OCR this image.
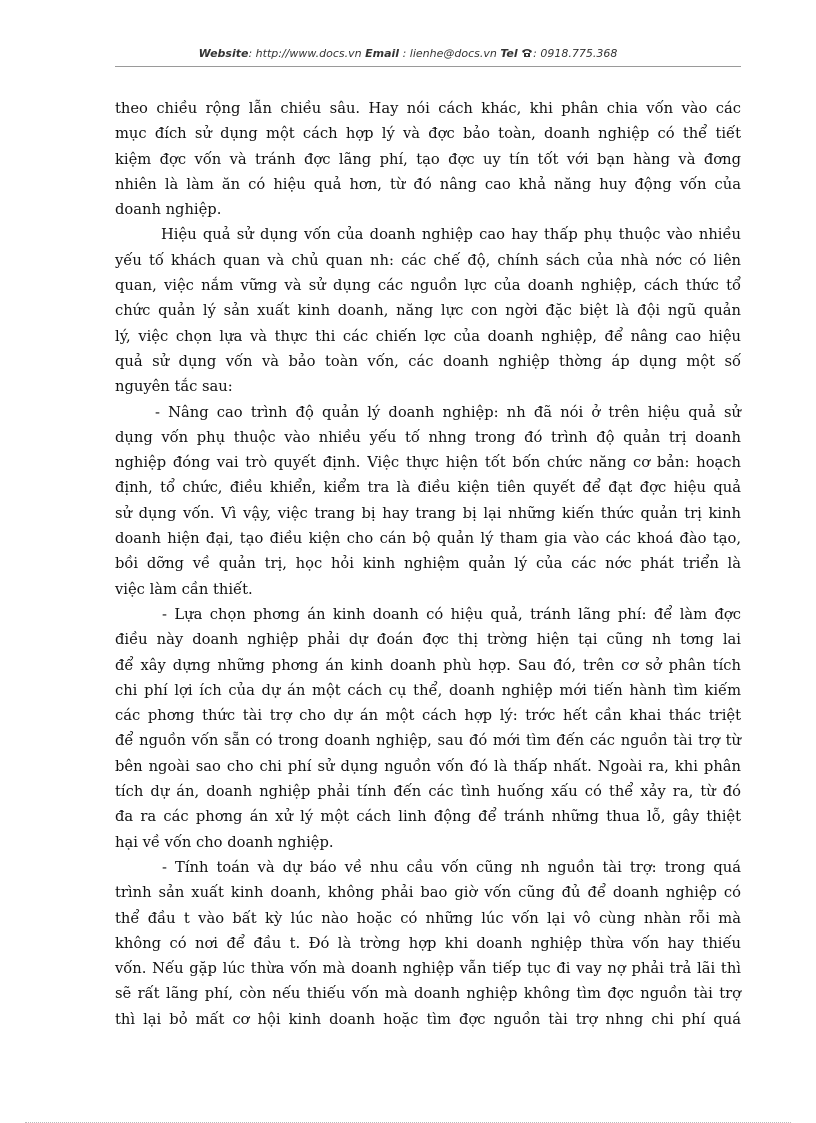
Website: http://www.docs.vn Email : lienhe@docs.vn Tel : 0918.775.368
theo chiều rộng lẫn chiều sâu. Hay nói cách khác, khi phân chia vốn vào các
mục đích sử dụng một cách hợp lý và đợc bảo toàn, doanh nghiệp có thể tiết
kiệm đợc vốn và tránh đợc lãng phí, tạo đợc uy tín tốt với bạn hàng và đơng
nhiên là làm ăn có hiệu quả hơn, từ đó nâng cao khả năng huy động vốn của
doanh nghiệp.
Hiệu quả sử dụng vốn của doanh nghiệp cao hay thấp phụ thuộc vào nhiều
yếu tố khách quan và chủ quan nh: các chế độ, chính sách của nhà nớc có liên
quan, việc nắm vững và sử dụng các nguồn lực của doanh nghiệp, cách thức tổ
chức quản lý sản xuất kinh doanh, năng lực con ngời đặc biệt là đội ngũ quản
lý, việc chọn lựa và thực thi các chiến lợc của doanh nghiệp, để nâng cao hiệu
quả sử dụng vốn và bảo toàn vốn, các doanh nghiệp thờng áp dụng một số
nguyên tắc sau:
- Nâng cao trình độ quản lý doanh nghiệp: nh đã nói ở trên hiệu quả sử
dụng vốn phụ thuộc vào nhiều yếu tố nhng trong đó trình độ quản trị doanh
nghiệp đóng vai trò quyết định. Việc thực hiện tốt bốn chức năng cơ bản: hoạch
định, tổ chức, điều khiển, kiểm tra là điều kiện tiên quyết để đạt đợc hiệu quả
sử dụng vốn. Vì vậy, việc trang bị hay trang bị lại những kiến thức quản trị kinh
doanh hiện đại, tạo điều kiện cho cán bộ quản lý tham gia vào các khoá đào tạo,
bồi dỡng về quản trị, học hỏi kinh nghiệm quản lý của các nớc phát triển là
việc làm cần thiết.
- Lựa chọn phơng án kinh doanh có hiệu quả, tránh lãng phí: để làm đợc
điều này doanh nghiệp phải dự đoán đợc thị trờng hiện tại cũng nh tơng lai
để xây dựng những phơng án kinh doanh phù hợp. Sau đó, trên cơ sở phân tích
chi phí lợi ích của dự án một cách cụ thể, doanh nghiệp mới tiến hành tìm kiếm
các phơng thức tài trợ cho dự án một cách hợp lý: trớc hết cần khai thác triệt
để nguồn vốn sẵn có trong doanh nghiệp, sau đó mới tìm đến các nguồn tài trợ từ
bên ngoài sao cho chi phí sử dụng nguồn vốn đó là thấp nhất. Ngoài ra, khi phân
tích dự án, doanh nghiệp phải tính đến các tình huống xấu có thể xảy ra, từ đó
đa ra các phơng án xử lý một cách linh động để tránh những thua lỗ, gây thiệt
hại về vốn cho doanh nghiệp.
- Tính toán và dự báo về nhu cầu vốn cũng nh nguồn tài trợ: trong quá
trình sản xuất kinh doanh, không phải bao giờ vốn cũng đủ để doanh nghiệp có
thể đầu t vào bất kỳ lúc nào hoặc có những lúc vốn lại vô cùng nhàn rỗi mà
không có nơi để đầu t. Đó là trờng hợp khi doanh nghiệp thừa vốn hay thiếu
vốn. Nếu gặp lúc thừa vốn mà doanh nghiệp vẫn tiếp tục đi vay nợ phải trả lãi thì
sẽ rất lãng phí, còn nếu thiếu vốn mà doanh nghiệp không tìm đợc nguồn tài trợ
thì lại bỏ mất cơ hội kinh doanh hoặc tìm đợc nguồn tài trợ nhng chi phí quá
